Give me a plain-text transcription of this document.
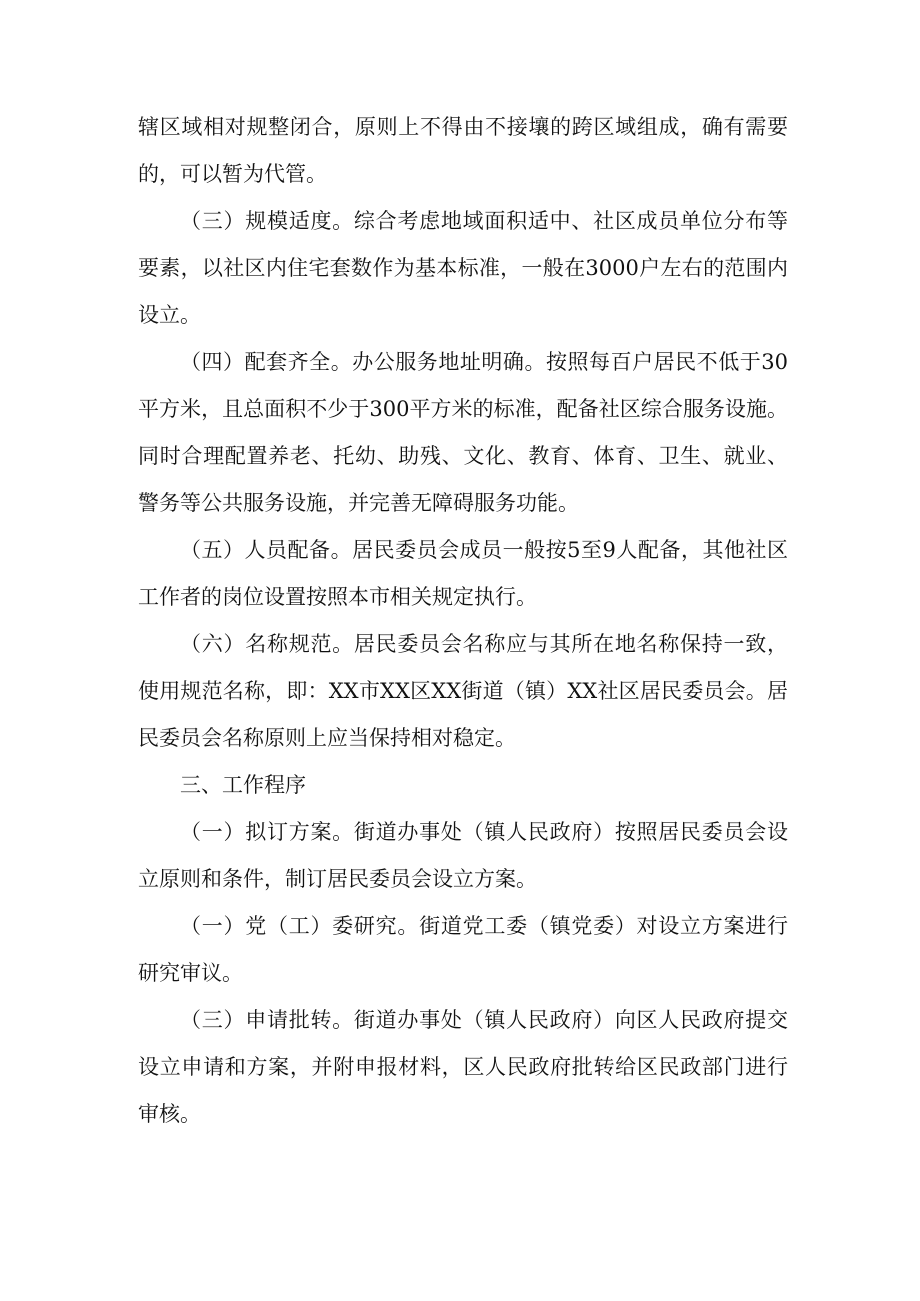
辖区域相对规整闭合，原则上不得由不接壤的跨区域组成，确有需要的，可以暂为代管。

（三）规模适度。综合考虑地域面积适中、社区成员单位分布等要素，以社区内住宅套数作为基本标准，一般在3000户左右的范围内设立。

（四）配套齐全。办公服务地址明确。按照每百户居民不低于30平方米，且总面积不少于300平方米的标准，配备社区综合服务设施。同时合理配置养老、托幼、助残、文化、教育、体育、卫生、就业、警务等公共服务设施，并完善无障碍服务功能。

（五）人员配备。居民委员会成员一般按5至9人配备，其他社区工作者的岗位设置按照本市相关规定执行。

（六）名称规范。居民委员会名称应与其所在地名称保持一致，使用规范名称，即：XX市XX区XX街道（镇）XX社区居民委员会。居民委员会名称原则上应当保持相对稳定。

三、工作程序

（一）拟订方案。街道办事处（镇人民政府）按照居民委员会设立原则和条件，制订居民委员会设立方案。

（一）党（工）委研究。街道党工委（镇党委）对设立方案进行研究审议。

（三）申请批转。街道办事处（镇人民政府）向区人民政府提交设立申请和方案，并附申报材料，区人民政府批转给区民政部门进行审核。
